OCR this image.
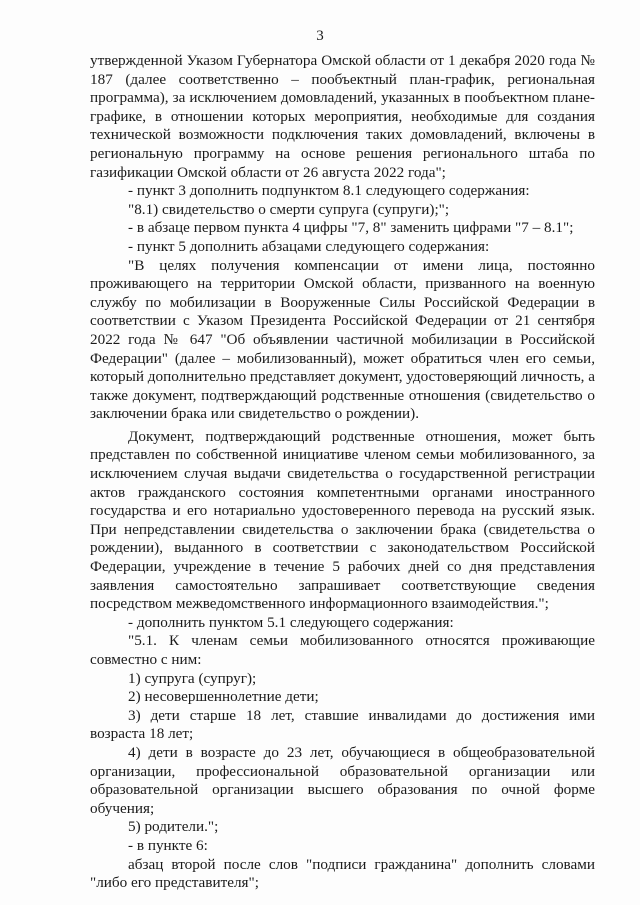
3

утвержденной Указом Губернатора Омской области от 1 декабря 2020 года № 187 (далее соответственно – пообъектный план-график, региональная программа), за исключением домовладений, указанных в пообъектном плане-графике, в отношении которых мероприятия, необходимые для создания технической возможности подключения таких домовладений, включены в региональную программу на основе решения регионального штаба по газификации Омской области от 26 августа 2022 года";

- пункт 3 дополнить подпунктом 8.1 следующего содержания:

"8.1) свидетельство о смерти супруга (супруги);";

- в абзаце первом пункта 4 цифры "7, 8" заменить цифрами "7 – 8.1";

- пункт 5 дополнить абзацами следующего содержания:

"В целях получения компенсации от имени лица, постоянно проживающего на территории Омской области, призванного на военную службу по мобилизации в Вооруженные Силы Российской Федерации в соответствии с Указом Президента Российской Федерации от 21 сентября 2022 года № 647 "Об объявлении частичной мобилизации в Российской Федерации" (далее – мобилизованный), может обратиться член его семьи, который дополнительно представляет документ, удостоверяющий личность, а также документ, подтверждающий родственные отношения (свидетельство о заключении брака или свидетельство о рождении).

Документ, подтверждающий родственные отношения, может быть представлен по собственной инициативе членом семьи мобилизованного, за исключением случая выдачи свидетельства о государственной регистрации актов гражданского состояния компетентными органами иностранного государства и его нотариально удостоверенного перевода на русский язык. При непредставлении свидетельства о заключении брака (свидетельства о рождении), выданного в соответствии с законодательством Российской Федерации, учреждение в течение 5 рабочих дней со дня представления заявления самостоятельно запрашивает соответствующие сведения посредством межведомственного информационного взаимодействия.";

- дополнить пунктом 5.1 следующего содержания:

"5.1. К членам семьи мобилизованного относятся проживающие совместно с ним:

1) супруга (супруг);

2) несовершеннолетние дети;

3) дети старше 18 лет, ставшие инвалидами до достижения ими возраста 18 лет;

4) дети в возрасте до 23 лет, обучающиеся в общеобразовательной организации, профессиональной образовательной организации или образовательной организации высшего образования по очной форме обучения;

5) родители.";

- в пункте 6:

абзац второй после слов "подписи гражданина" дополнить словами "либо его представителя";
